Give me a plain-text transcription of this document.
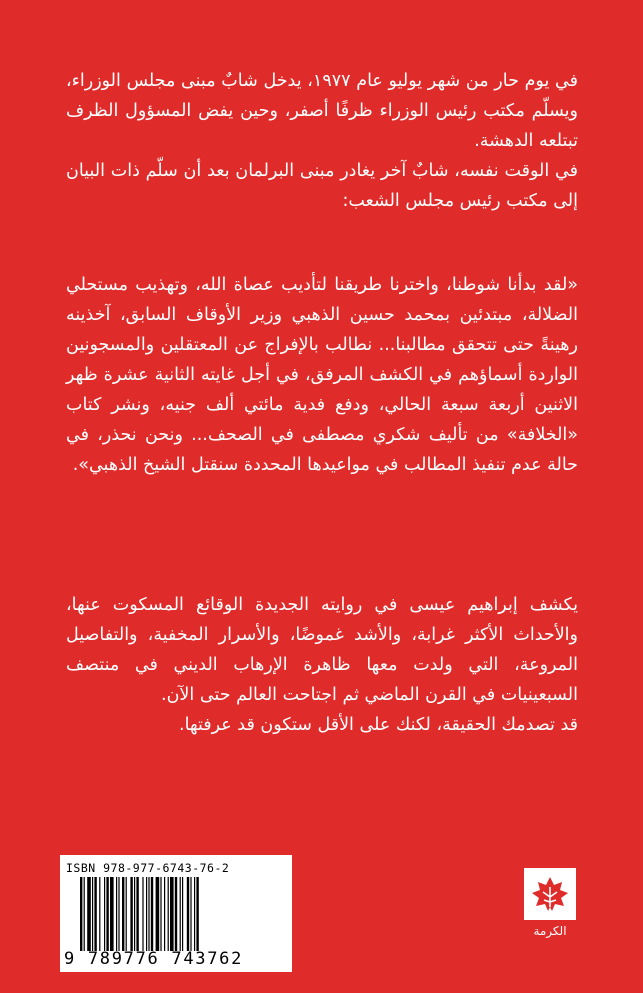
في يوم حار من شهر يوليو عام ١٩٧٧، يدخل شابٌ مبنى مجلس الوزراء، ويسلّم مكتب رئيس الوزراء ظرفًا أصفر، وحين يفض المسؤول الظرف تبتلعه الدهشة.

في الوقت نفسه، شابٌ آخر يغادر مبنى البرلمان بعد أن سلّم ذات البيان إلى مكتب رئيس مجلس الشعب:

«لقد بدأنا شوطنا، واخترنا طريقنا لتأديب عصاة الله، وتهذيب مستحلي الضلالة، مبتدئين بمحمد حسين الذهبي وزير الأوقاف السابق، آخذينه رهينةً حتى تتحقق مطالبنا... نطالب بالإفراج عن المعتقلين والمسجونين الواردة أسماؤهم في الكشف المرفق، في أجل غايته الثانية عشرة ظهر الاثنين أربعة سبعة الحالي، ودفع فدية مائتي ألف جنيه، ونشر كتاب «الخلافة» من تأليف شكري مصطفى في الصحف... ونحن نحذر، في حالة عدم تنفيذ المطالب في مواعيدها المحددة سنقتل الشيخ الذهبي».

يكشف إبراهيم عيسى في روايته الجديدة الوقائع المسكوت عنها، والأحداث الأكثر غرابة، والأشد غموضًا، والأسرار المخفية، والتفاصيل المروعة، التي ولدت معها ظاهرة الإرهاب الديني في منتصف السبعينيات في القرن الماضي ثم اجتاحت العالم حتى الآن.

قد تصدمك الحقيقة، لكنك على الأقل ستكون قد عرفتها.

ISBN 978-977-6743-76-2
9 789776 743762
الكرمة
